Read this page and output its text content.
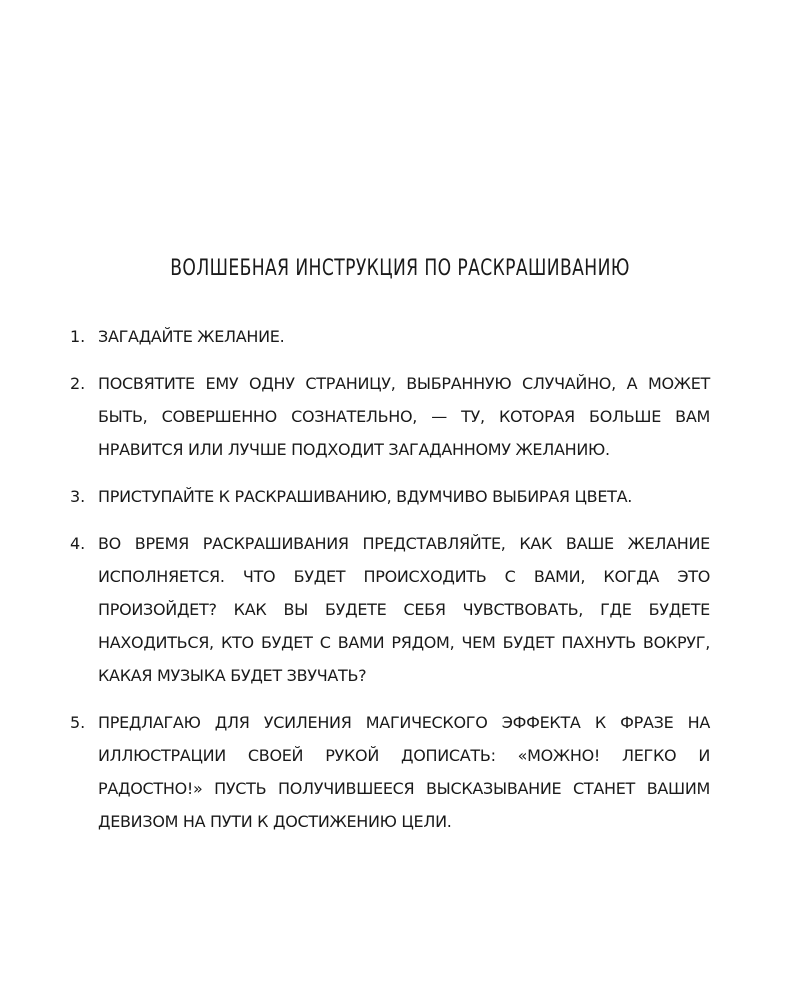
ВОЛШЕБНАЯ ИНСТРУКЦИЯ ПО РАСКРАШИВАНИЮ
1. ЗАГАДАЙТЕ ЖЕЛАНИЕ.
2. ПОСВЯТИТЕ ЕМУ ОДНУ СТРАНИЦУ, ВЫБРАННУЮ СЛУЧАЙНО, А МОЖЕТ БЫТЬ, СОВЕРШЕННО СОЗНАТЕЛЬНО, — ТУ, КОТОРАЯ БОЛЬШЕ ВАМ НРАВИТСЯ ИЛИ ЛУЧШЕ ПОДХОДИТ ЗАГАДАННОМУ ЖЕЛАНИЮ.
3. ПРИСТУПАЙТЕ К РАСКРАШИВАНИЮ, ВДУМЧИВО ВЫБИРАЯ ЦВЕТА.
4. ВО ВРЕМЯ РАСКРАШИВАНИЯ ПРЕДСТАВЛЯЙТЕ, КАК ВАШЕ ЖЕЛАНИЕ ИСПОЛНЯЕТСЯ. ЧТО БУДЕТ ПРОИСХОДИТЬ С ВАМИ, КОГДА ЭТО ПРОИЗОЙДЕТ? КАК ВЫ БУДЕТЕ СЕБЯ ЧУВСТВОВАТЬ, ГДЕ БУДЕТЕ НАХОДИТЬСЯ, КТО БУДЕТ С ВАМИ РЯДОМ, ЧЕМ БУДЕТ ПАХНУТЬ ВОКРУГ, КАКАЯ МУЗЫКА БУДЕТ ЗВУЧАТЬ?
5. ПРЕДЛАГАЮ ДЛЯ УСИЛЕНИЯ МАГИЧЕСКОГО ЭФФЕКТА К ФРАЗЕ НА ИЛЛЮСТРАЦИИ СВОЕЙ РУКОЙ ДОПИСАТЬ: «МОЖНО! ЛЕГКО И РАДОСТНО!» ПУСТЬ ПОЛУЧИВШЕЕСЯ ВЫСКАЗЫВАНИЕ СТАНЕТ ВАШИМ ДЕВИЗОМ НА ПУТИ К ДОСТИЖЕНИЮ ЦЕЛИ.
